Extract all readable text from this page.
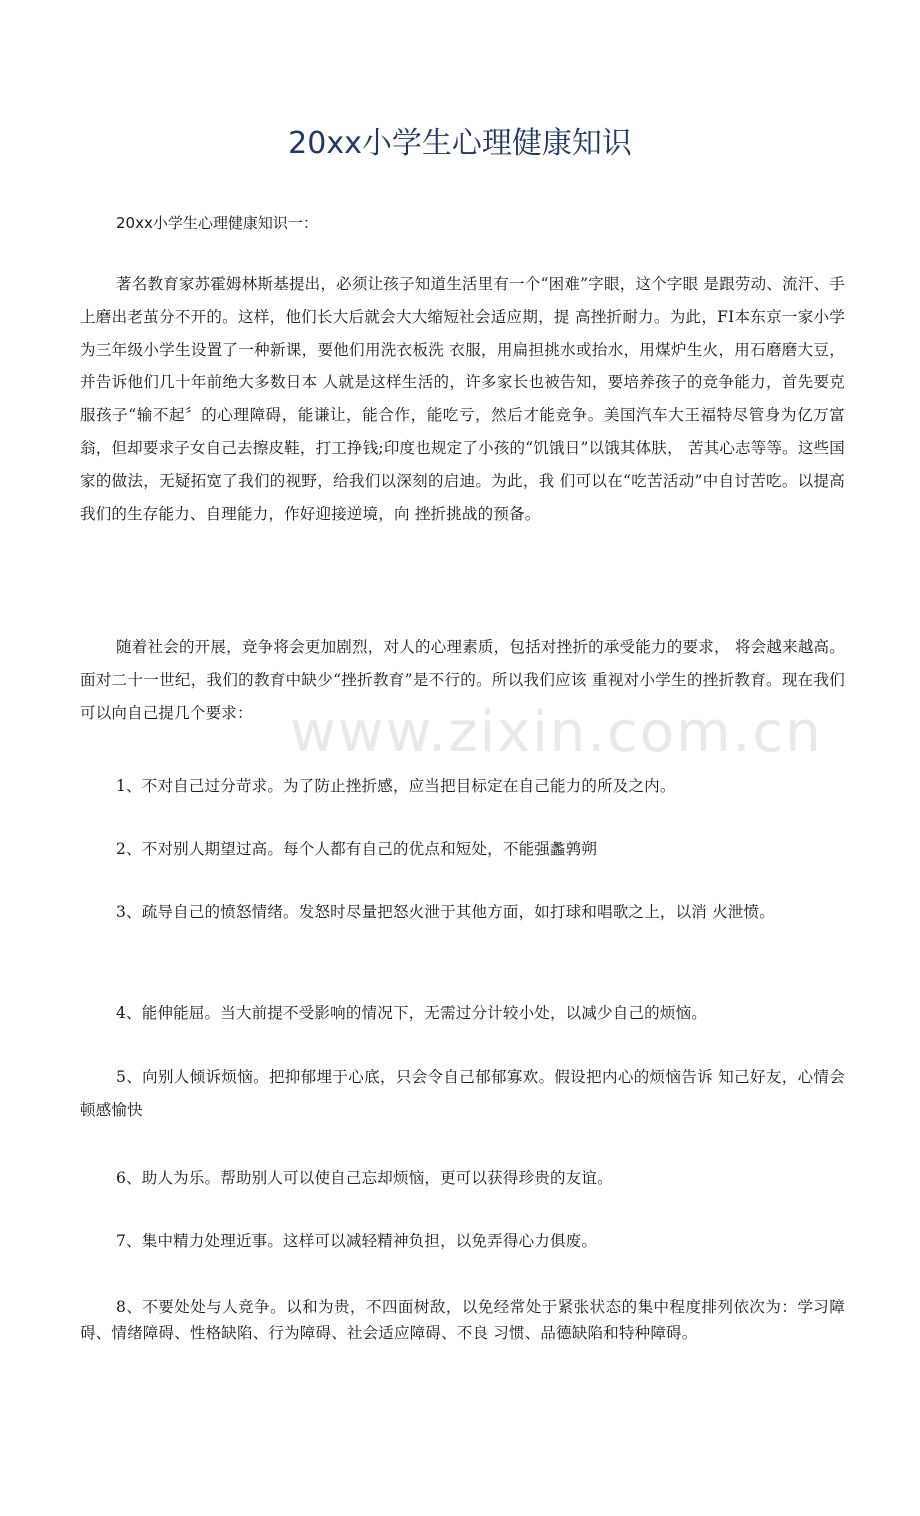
20xx小学生心理健康知识

20xx小学生心理健康知识一：

著名教育家苏霍姆林斯基提出，必须让孩子知道生活里有一个“困难”字眼，这个字眼 是跟劳动、流汗、手上磨出老茧分不开的。这样，他们长大后就会大大缩短社会适应期，提 高挫折耐力。为此，FI本东京一家小学为三年级小学生设置了一种新课，要他们用洗衣板洗 衣服，用扁担挑水或抬水，用煤炉生火，用石磨磨大豆，并告诉他们几十年前绝大多数日本 人就是这样生活的，许多家长也被告知，要培养孩子的竞争能力，首先要克服孩子“输不起〞的心理障碍，能谦让，能合作，能吃亏，然后才能竞争。美国汽车大王福特尽管身为亿万富 翁，但却要求子女自己去擦皮鞋，打工挣钱;印度也规定了小孩的“饥饿日”以饿其体肤， 苦其心志等等。这些国家的做法，无疑拓宽了我们的视野，给我们以深刻的启迪。为此，我 们可以在“吃苦活动”中自讨苦吃。以提高我们的生存能力、自理能力，作好迎接逆境，向 挫折挑战的预备。

随着社会的开展，竞争将会更加剧烈，对人的心理素质，包括对挫折的承受能力的要求， 将会越来越高。面对二十一世纪，我们的教育中缺少“挫折教育”是不行的。所以我们应该 重视对小学生的挫折教育。现在我们可以向自己提几个要求： www.zixin.com.cn

1、不对自己过分苛求。为了防止挫折感，应当把目标定在自己能力的所及之内。

2、不对别人期望过高。每个人都有自己的优点和短处，不能强蠡鹑朔

3、疏导自己的愤怒情绪。发怒时尽量把怒火泄于其他方面，如打球和唱歌之上，以消 火泄愤。

4、能伸能屈。当大前提不受影响的情况下，无需过分计较小处，以减少自己的烦恼。

5、向别人倾诉烦恼。把抑郁埋于心底，只会令自己郁郁寡欢。假设把内心的烦恼告诉 知己好友，心情会顿感愉快

6、助人为乐。帮助别人可以使自己忘却烦恼，更可以获得珍贵的友谊。

7、集中精力处理近事。这样可以减轻精神负担，以免弄得心力俱废。

8、不要处处与人竞争。以和为贵，不四面树敌，以免经常处于紧张状态的集中程度排列依次为：学习障碍、情绪障碍、性格缺陷、行为障碍、社会适应障碍、不良 习惯、品德缺陷和特种障碍。
